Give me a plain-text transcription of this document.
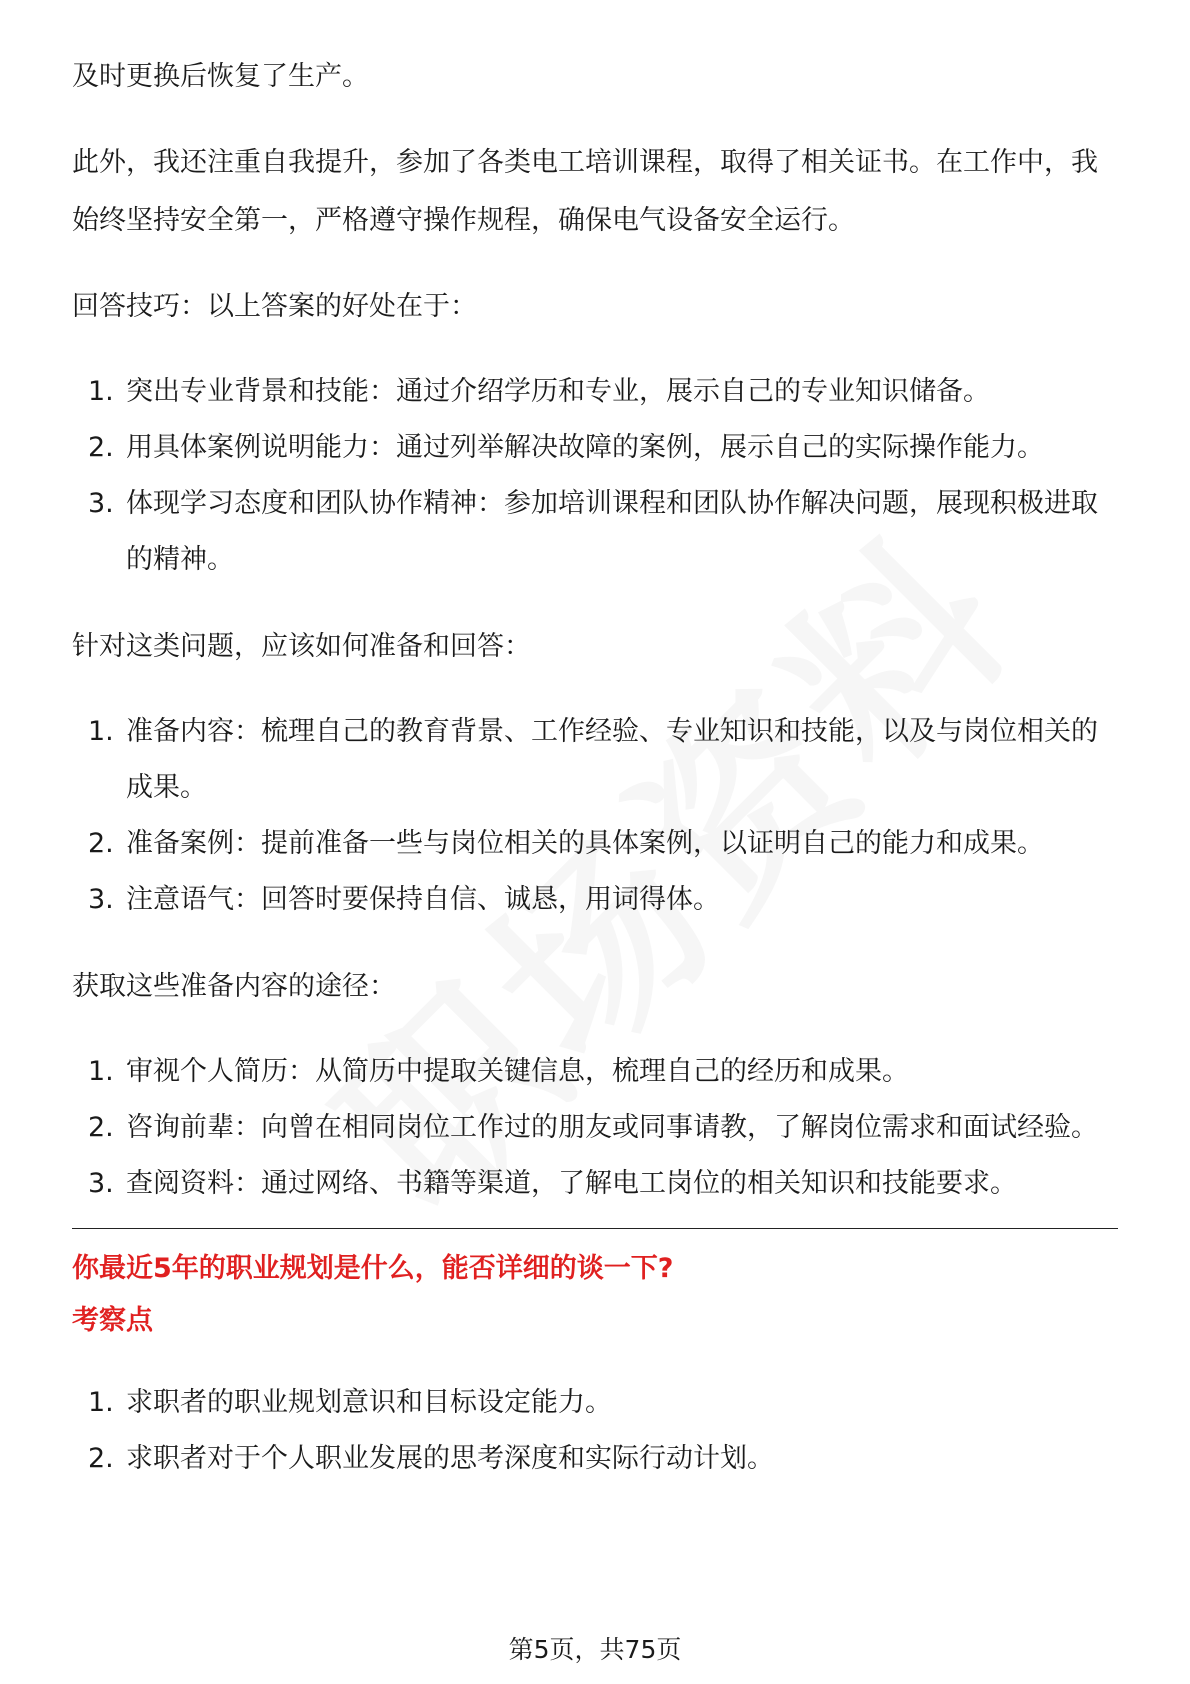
及时更换后恢复了生产。

此外，我还注重自我提升，参加了各类电工培训课程，取得了相关证书。在工作中，我始终坚持安全第一，严格遵守操作规程，确保电气设备安全运行。

回答技巧：以上答案的好处在于：

1. 突出专业背景和技能：通过介绍学历和专业，展示自己的专业知识储备。
2. 用具体案例说明能力：通过列举解决故障的案例，展示自己的实际操作能力。
3. 体现学习态度和团队协作精神：参加培训课程和团队协作解决问题，展现积极进取的精神。

针对这类问题，应该如何准备和回答：

1. 准备内容：梳理自己的教育背景、工作经验、专业知识和技能，以及与岗位相关的成果。
2. 准备案例：提前准备一些与岗位相关的具体案例，以证明自己的能力和成果。
3. 注意语气：回答时要保持自信、诚恳，用词得体。

获取这些准备内容的途径：

1. 审视个人简历：从简历中提取关键信息，梳理自己的经历和成果。
2. 咨询前辈：向曾在相同岗位工作过的朋友或同事请教，了解岗位需求和面试经验。
3. 查阅资料：通过网络、书籍等渠道，了解电工岗位的相关知识和技能要求。
你最近5年的职业规划是什么，能否详细的谈一下?
考察点
1. 求职者的职业规划意识和目标设定能力。
2. 求职者对于个人职业发展的思考深度和实际行动计划。
第5页，共75页
